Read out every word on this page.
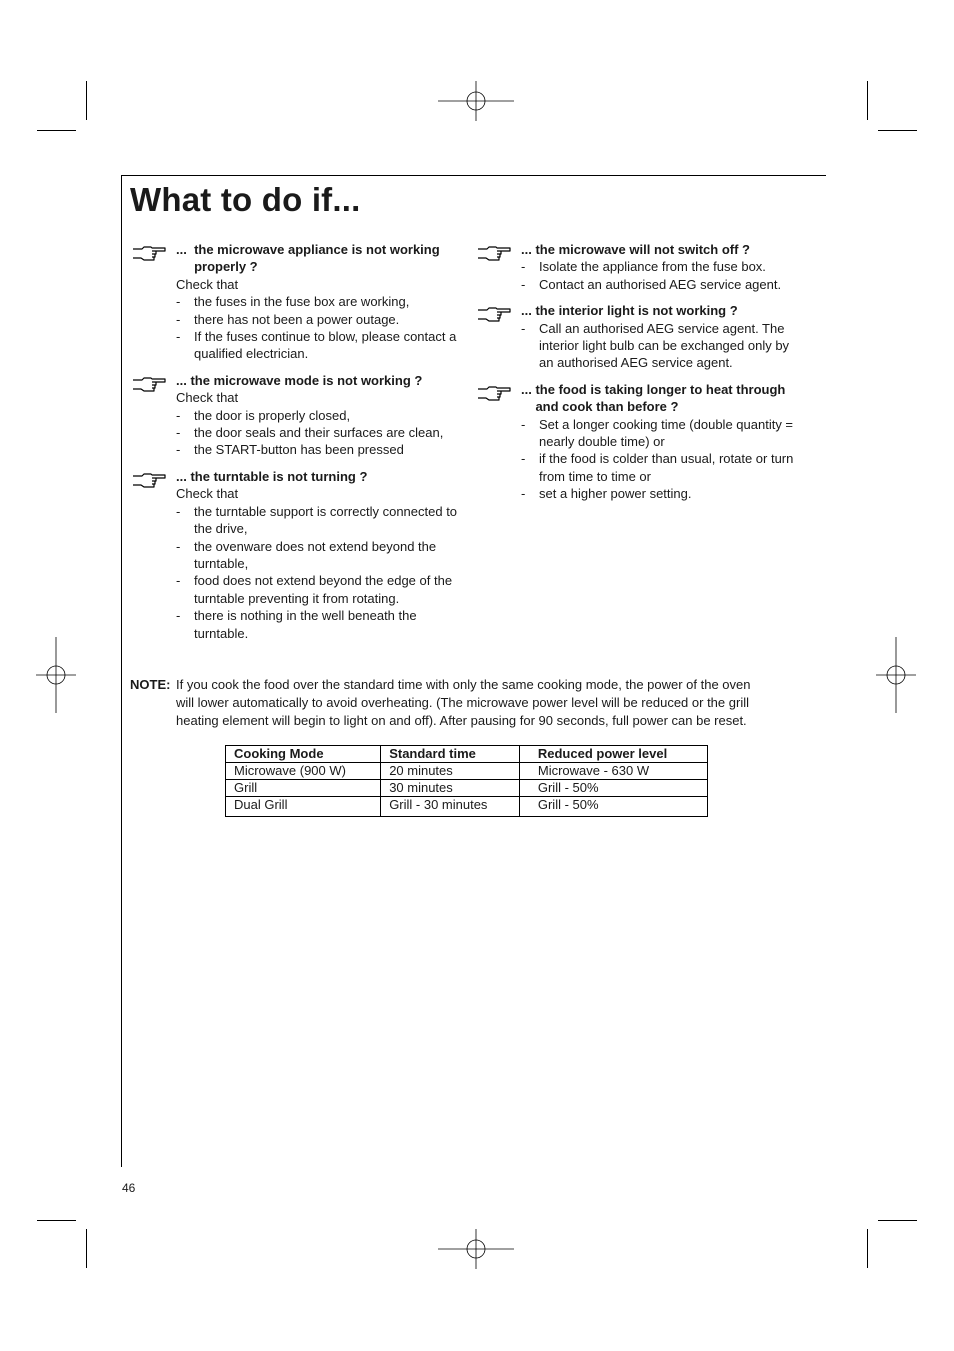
What to do if...
... the microwave appliance is not working properly ?

Check that

-	the fuses in the fuse box are working,
-	there has not been a power outage.
-	If the fuses continue to blow, please contact a qualified electrician.
... the microwave mode is not working ?

Check that

-	the door is properly closed,
-	the door seals and their surfaces are clean,
-	the START-button has been pressed
... the turntable is not turning ?

Check that

-	the turntable support is correctly connected to the drive,
-	the ovenware does not extend beyond the turntable,
-	food does not extend beyond the edge of the turntable preventing it from rotating.
-	there is nothing in the well beneath the turntable.
... the microwave will not switch off ?
-	Isolate the appliance from the fuse box.
-	Contact an authorised AEG service agent.
... the interior light is not working ?
-	Call an authorised AEG service agent. The interior light bulb can be exchanged only by an authorised AEG service agent.
... the food is taking longer to heat through and cook than before ?
-	Set a longer cooking time (double quantity = nearly double time) or
-	if the food is colder than usual, rotate or turn from time to time or
-	set a higher power setting.
NOTE: If you cook the food over the standard time with only the same cooking mode, the power of the oven will lower automatically to avoid overheating. (The microwave power level will be reduced or the grill heating element will begin to light on and off). After pausing for 90 seconds, full power can be reset.
Cooking Mode	Standard time	Reduced power level
Microwave (900 W)	20 minutes	Microwave - 630 W
Grill	30 minutes	Grill - 50%
Dual Grill	Grill - 30 minutes	Grill - 50%
46
